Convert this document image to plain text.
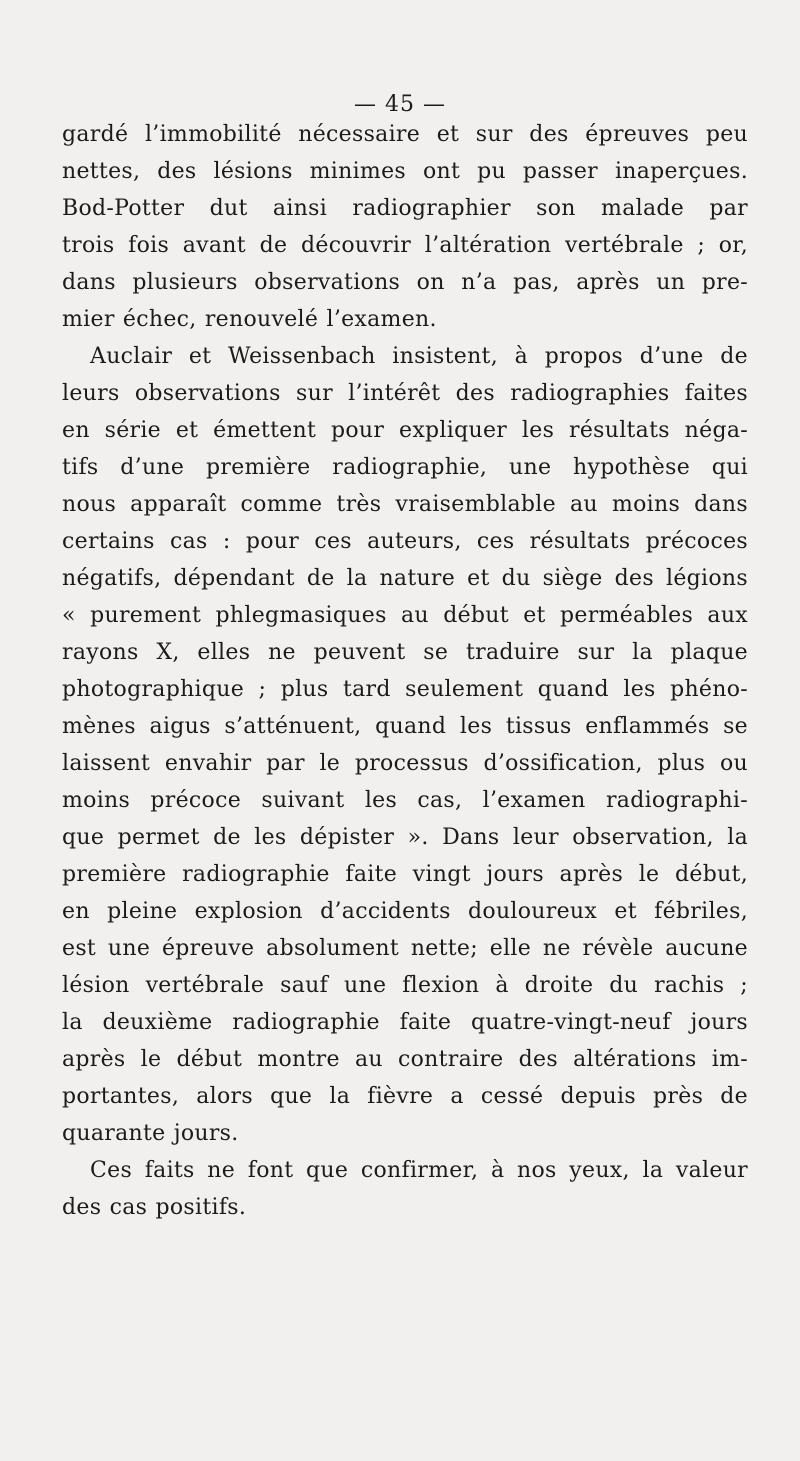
— 45 —
gardé l’immobilité nécessaire et sur des épreuves peu
nettes, des lésions minimes ont pu passer inaperçues.
Bod-Potter dut ainsi radiographier son malade par
trois fois avant de découvrir l’altération vertébrale ; or,
dans plusieurs observations on n’a pas, après un pre-
mier échec, renouvelé l’examen.
Auclair et Weissenbach insistent, à propos d’une de
leurs observations sur l’intérêt des radiographies faites
en série et émettent pour expliquer les résultats néga-
tifs d’une première radiographie, une hypothèse qui
nous apparaît comme très vraisemblable au moins dans
certains cas : pour ces auteurs, ces résultats précoces
négatifs, dépendant de la nature et du siège des légions
« purement phlegmasiques au début et perméables aux
rayons X, elles ne peuvent se traduire sur la plaque
photographique ; plus tard seulement quand les phéno-
mènes aigus s’atténuent, quand les tissus enflammés se
laissent envahir par le processus d’ossification, plus ou
moins précoce suivant les cas, l’examen radiographi-
que permet de les dépister ». Dans leur observation, la
première radiographie faite vingt jours après le début,
en pleine explosion d’accidents douloureux et fébriles,
est une épreuve absolument nette; elle ne révèle aucune
lésion vertébrale sauf une flexion à droite du rachis ;
la deuxième radiographie faite quatre-vingt-neuf jours
après le début montre au contraire des altérations im-
portantes, alors que la fièvre a cessé depuis près de
quarante jours.
Ces faits ne font que confirmer, à nos yeux, la valeur
des cas positifs.
